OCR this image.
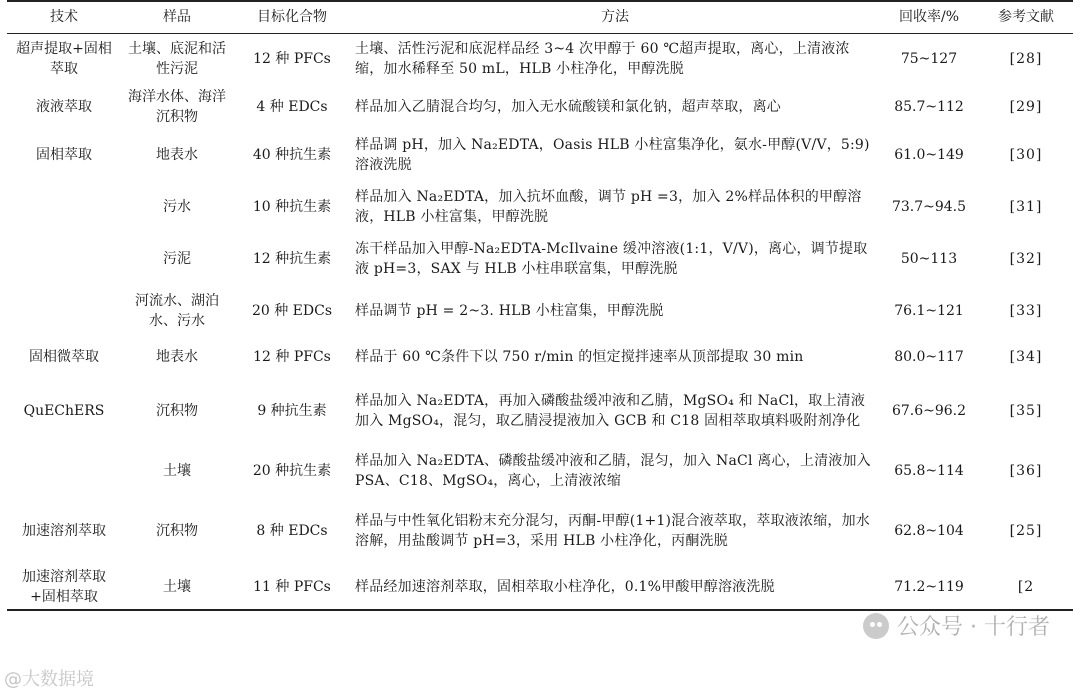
技术	样品	目标化合物	方法	回收率/%	参考文献
超声提取+固相萃取	土壤、底泥和活性污泥	12 种 PFCs	土壤、活性污泥和底泥样品经 3~4 次甲醇于 60 ℃超声提取，离心，上清液浓缩，加水稀释至 50 mL，HLB 小柱净化，甲醇洗脱	75~127	[28]
液液萃取	海洋水体、海洋沉积物	4 种 EDCs	样品加入乙腈混合均匀，加入无水硫酸镁和氯化钠，超声萃取，离心	85.7~112	[29]
固相萃取	地表水	40 种抗生素	样品调 pH，加入 Na₂EDTA，Oasis HLB 小柱富集净化，氨水-甲醇(V/V，5:9)溶液洗脱	61.0~149	[30]
	污水	10 种抗生素	样品加入 Na₂EDTA，加入抗坏血酸，调节 pH =3，加入 2%样品体积的甲醇溶液，HLB 小柱富集，甲醇洗脱	73.7~94.5	[31]
	污泥	12 种抗生素	冻干样品加入甲醇-Na₂EDTA-McIlvaine 缓冲溶液(1:1，V/V)，离心，调节提取液 pH=3，SAX 与 HLB 小柱串联富集，甲醇洗脱	50~113	[32]
	河流水、湖泊水、污水	20 种 EDCs	样品调节 pH = 2~3. HLB 小柱富集，甲醇洗脱	76.1~121	[33]
固相微萃取	地表水	12 种 PFCs	样品于 60 ℃条件下以 750 r/min 的恒定搅拌速率从顶部提取 30 min	80.0~117	[34]
QuEChERS	沉积物	9 种抗生素	样品加入 Na₂EDTA，再加入磷酸盐缓冲液和乙腈，MgSO₄ 和 NaCl，取上清液加入 MgSO₄，混匀，取乙腈浸提液加入 GCB 和 C18 固相萃取填料吸附剂净化	67.6~96.2	[35]
	土壤	20 种抗生素	样品加入 Na₂EDTA、磷酸盐缓冲液和乙腈，混匀，加入 NaCl 离心，上清液加入 PSA、C18、MgSO₄，离心，上清液浓缩	65.8~114	[36]
加速溶剂萃取	沉积物	8 种 EDCs	样品与中性氧化铝粉末充分混匀，丙酮-甲醇(1+1)混合液萃取，萃取液浓缩，加水溶解，用盐酸调节 pH=3，采用 HLB 小柱净化，丙酮洗脱	62.8~104	[25]
加速溶剂萃取+固相萃取	土壤	11 种 PFCs	样品经加速溶剂萃取，固相萃取小柱净化，0.1%甲酸甲醇溶液洗脱	71.2~119	[2
公众号 · 十行者
@大数据境
